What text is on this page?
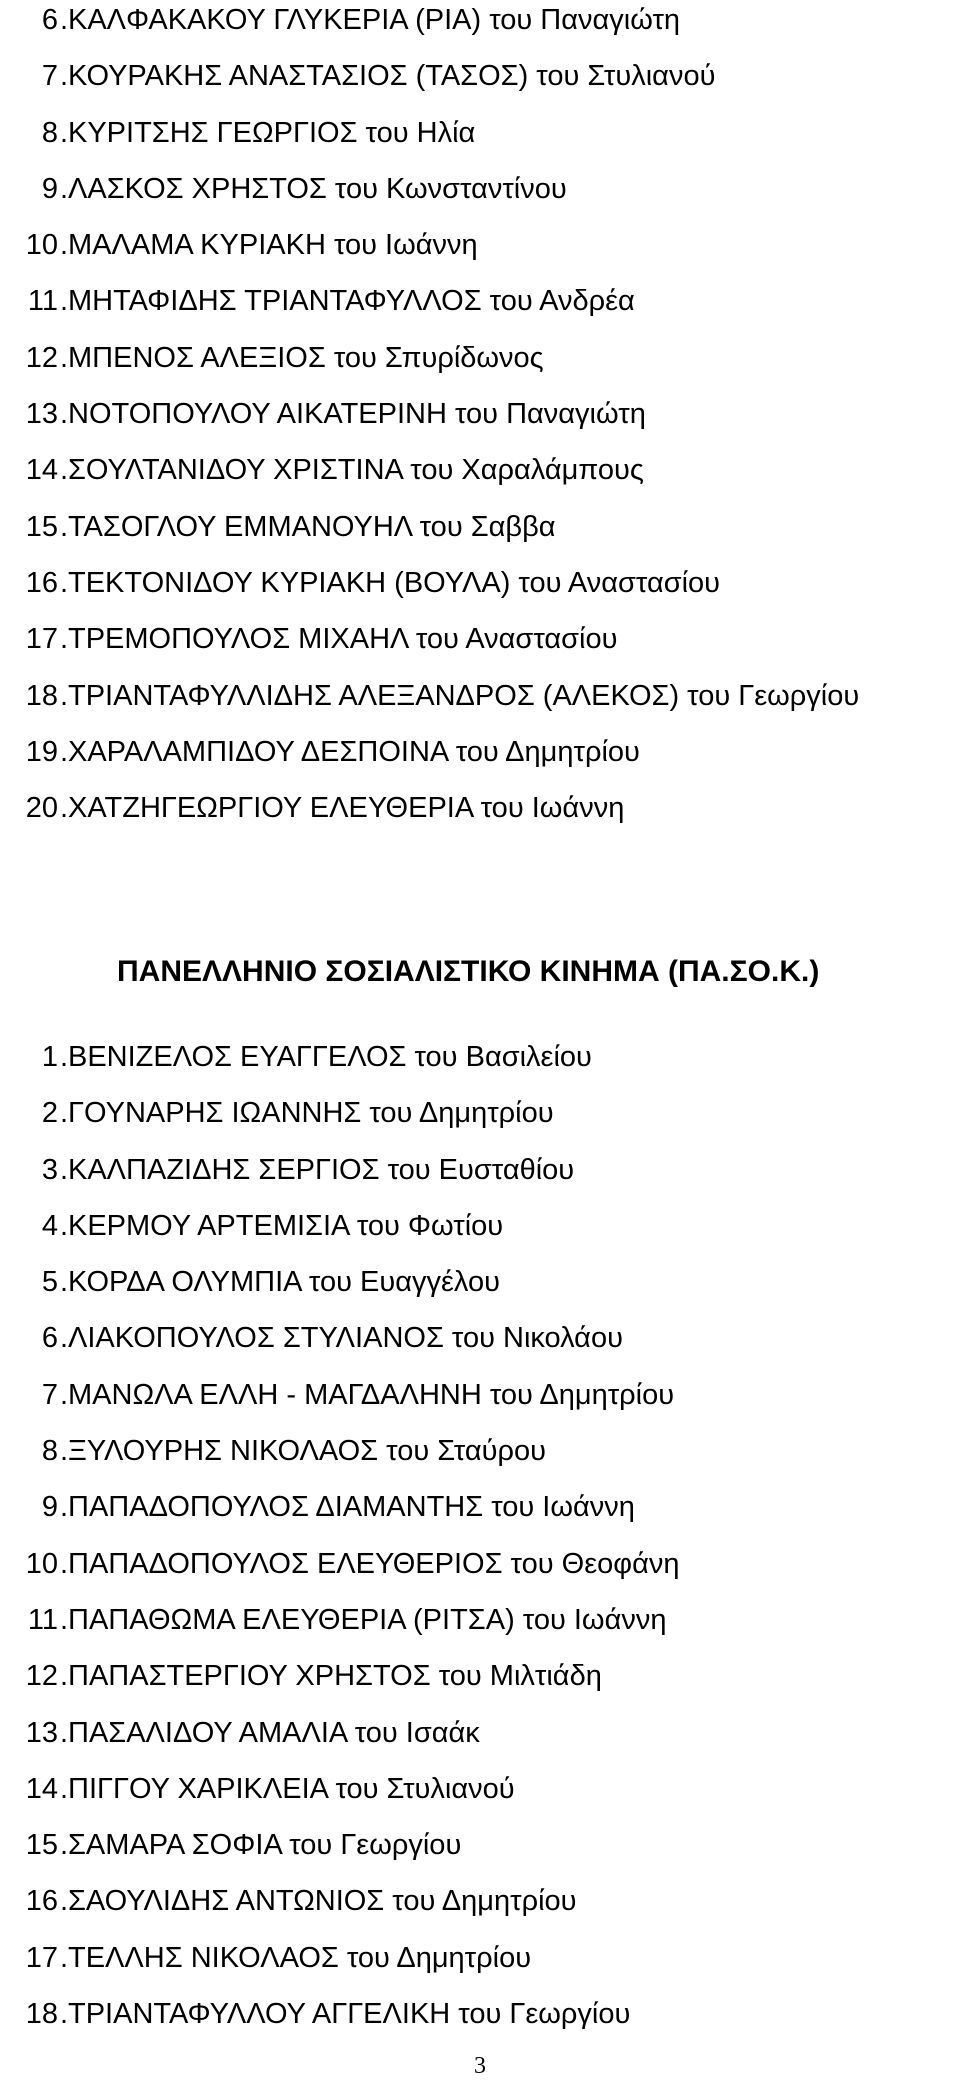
6 . ΚΑΛΦΑΚΑΚΟΥ ΓΛΥΚΕΡΙΑ (ΡΙΑ) του Παναγιώτη
7 . ΚΟΥΡΑΚΗΣ ΑΝΑΣΤΑΣΙΟΣ (ΤΑΣΟΣ) του Στυλιανού
8 . ΚΥΡΙΤΣΗΣ ΓΕΩΡΓΙΟΣ του Ηλία
9 . ΛΑΣΚΟΣ ΧΡΗΣΤΟΣ του Κωνσταντίνου
10 . ΜΑΛΑΜΑ ΚΥΡΙΑΚΗ του Ιωάννη
11 . ΜΗΤΑΦΙΔΗΣ ΤΡΙΑΝΤΑΦΥΛΛΟΣ του Ανδρέα
12 . ΜΠΕΝΟΣ ΑΛΕΞΙΟΣ του Σπυρίδωνος
13 . ΝΟΤΟΠΟΥΛΟΥ ΑΙΚΑΤΕΡΙΝΗ του Παναγιώτη
14 . ΣΟΥΛΤΑΝΙΔΟΥ ΧΡΙΣΤΙΝΑ του Χαραλάμπους
15 . ΤΑΣΟΓΛΟΥ ΕΜΜΑΝΟΥΗΛ του Σαββα
16 . ΤΕΚΤΟΝΙΔΟΥ ΚΥΡΙΑΚΗ (ΒΟΥΛΑ) του Αναστασίου
17 . ΤΡΕΜΟΠΟΥΛΟΣ ΜΙΧΑΗΛ του Αναστασίου
18 . ΤΡΙΑΝΤΑΦΥΛΛΙΔΗΣ ΑΛΕΞΑΝΔΡΟΣ (ΑΛΕΚΟΣ) του Γεωργίου
19 . ΧΑΡΑΛΑΜΠΙΔΟΥ ΔΕΣΠΟΙΝΑ του Δημητρίου
20 . ΧΑΤΖΗΓΕΩΡΓΙΟΥ ΕΛΕΥΘΕΡΙΑ του Ιωάννη
ΠΑΝΕΛΛΗΝΙΟ ΣΟΣΙΑΛΙΣΤΙΚΟ ΚΙΝΗΜΑ (ΠΑ.ΣΟ.Κ.)
1 . ΒΕΝΙΖΕΛΟΣ ΕΥΑΓΓΕΛΟΣ του Βασιλείου
2 . ΓΟΥΝΑΡΗΣ ΙΩΑΝΝΗΣ του Δημητρίου
3 . ΚΑΛΠΑΖΙΔΗΣ ΣΕΡΓΙΟΣ του Ευσταθίου
4 . ΚΕΡΜΟΥ ΑΡΤΕΜΙΣΙΑ του Φωτίου
5 . ΚΟΡΔΑ ΟΛΥΜΠΙΑ του Ευαγγέλου
6 . ΛΙΑΚΟΠΟΥΛΟΣ ΣΤΥΛΙΑΝΟΣ του Νικολάου
7 . ΜΑΝΩΛΑ ΕΛΛΗ - ΜΑΓΔΑΛΗΝΗ του Δημητρίου
8 . ΞΥΛΟΥΡΗΣ ΝΙΚΟΛΑΟΣ του Σταύρου
9 . ΠΑΠΑΔΟΠΟΥΛΟΣ ΔΙΑΜΑΝΤΗΣ του Ιωάννη
10 . ΠΑΠΑΔΟΠΟΥΛΟΣ ΕΛΕΥΘΕΡΙΟΣ του Θεοφάνη
11 . ΠΑΠΑΘΩΜΑ ΕΛΕΥΘΕΡΙΑ (ΡΙΤΣΑ) του Ιωάννη
12 . ΠΑΠΑΣΤΕΡΓΙΟΥ ΧΡΗΣΤΟΣ του Μιλτιάδη
13 . ΠΑΣΑΛΙΔΟΥ ΑΜΑΛΙΑ του Ισαάκ
14 . ΠΙΓΓΟΥ ΧΑΡΙΚΛΕΙΑ του Στυλιανού
15 . ΣΑΜΑΡΑ ΣΟΦΙΑ του Γεωργίου
16 . ΣΑΟΥΛΙΔΗΣ ΑΝΤΩΝΙΟΣ του Δημητρίου
17 . ΤΕΛΛΗΣ ΝΙΚΟΛΑΟΣ του Δημητρίου
18 . ΤΡΙΑΝΤΑΦΥΛΛΟΥ ΑΓΓΕΛΙΚΗ του Γεωργίου
3
